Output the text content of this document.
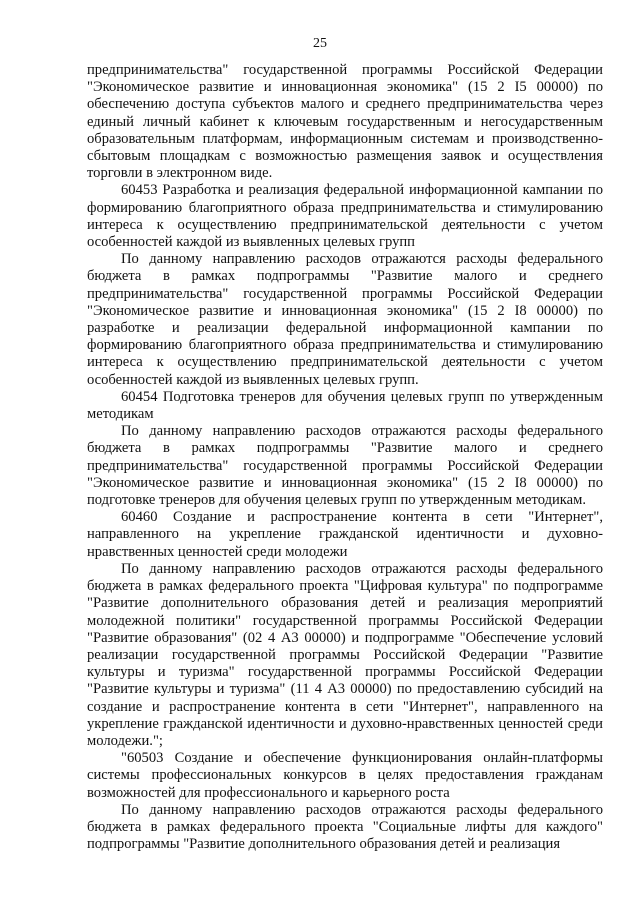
25

предпринимательства" государственной программы Российской Федерации "Экономическое развитие и инновационная экономика" (15 2 I5 00000) по обеспечению доступа субъектов малого и среднего предпринимательства через единый личный кабинет к ключевым государственным и негосударственным образовательным платформам, информационным системам и производственно-сбытовым площадкам с возможностью размещения заявок и осуществления торговли в электронном виде.

60453 Разработка и реализация федеральной информационной кампании по формированию благоприятного образа предпринимательства и стимулированию интереса к осуществлению предпринимательской деятельности с учетом особенностей каждой из выявленных целевых групп

По данному направлению расходов отражаются расходы федерального бюджета в рамках подпрограммы "Развитие малого и среднего предпринимательства" государственной программы Российской Федерации "Экономическое развитие и инновационная экономика" (15 2 I8 00000) по разработке и реализации федеральной информационной кампании по формированию благоприятного образа предпринимательства и стимулированию интереса к осуществлению предпринимательской деятельности с учетом особенностей каждой из выявленных целевых групп.

60454 Подготовка тренеров для обучения целевых групп по утвержденным методикам

По данному направлению расходов отражаются расходы федерального бюджета в рамках подпрограммы "Развитие малого и среднего предпринимательства" государственной программы Российской Федерации "Экономическое развитие и инновационная экономика" (15 2 I8 00000) по подготовке тренеров для обучения целевых групп по утвержденным методикам.

60460 Создание и распространение контента в сети "Интернет", направленного на укрепление гражданской идентичности и духовно-нравственных ценностей среди молодежи

По данному направлению расходов отражаются расходы федерального бюджета в рамках федерального проекта "Цифровая культура" по подпрограмме "Развитие дополнительного образования детей и реализация мероприятий молодежной политики" государственной программы Российской Федерации "Развитие образования" (02 4 A3 00000) и подпрограмме "Обеспечение условий реализации государственной программы Российской Федерации "Развитие культуры и туризма" государственной программы Российской Федерации "Развитие культуры и туризма" (11 4 A3 00000) по предоставлению субсидий на создание и распространение контента в сети "Интернет", направленного на укрепление гражданской идентичности и духовно-нравственных ценностей среди молодежи.";

"60503 Создание и обеспечение функционирования онлайн-платформы системы профессиональных конкурсов в целях предоставления гражданам возможностей для профессионального и карьерного роста

По данному направлению расходов отражаются расходы федерального бюджета в рамках федерального проекта "Социальные лифты для каждого" подпрограммы "Развитие дополнительного образования детей и реализация
